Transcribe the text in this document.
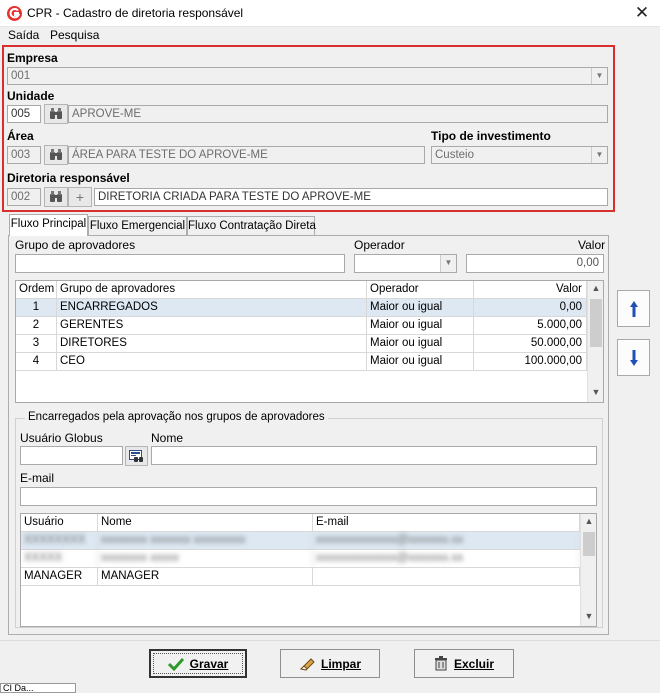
CPR - Cadastro de diretoria responsável	✕
Saída Pesquisa
Empresa
001	▼
Unidade
005	APROVE-ME
Área
003	ÁREA PARA TESTE DO APROVE-ME
Tipo de investimento
Custeio	▼
Diretoria responsável
002	+	DIRETORIA CRIADA PARA TESTE DO APROVE-ME
Fluxo Principal Fluxo Emergencial Fluxo Contratação Direta
Grupo de aprovadores	Operador	Valor
▼	0,00
Ordem Grupo de aprovadores	Operador	Valor
1	ENCARREGADOS	Maior ou igual	0,00
2	GERENTES	Maior ou igual	5.000,00
3	DIRETORES	Maior ou igual	50.000,00
4	CEO	Maior ou igual	100.000,00
▲
▼
Encarregados pela aprovação nos grupos de aprovadores
Usuário Globus	Nome
E-mail
Usuário	Nome	E-mail
XXXXXXXX	xxxxxxxx xxxxxxx xxxxxxxxx	xxxxxxxxxxxxxx@xxxxxxx.xx
XXXXX	xxxxxxxx xxxxx	xxxxxxxxxxxxxx@xxxxxxx.xx
MANAGER	MANAGER
▲
▼
Gravar	Limpar	Excluir
CI Da...
